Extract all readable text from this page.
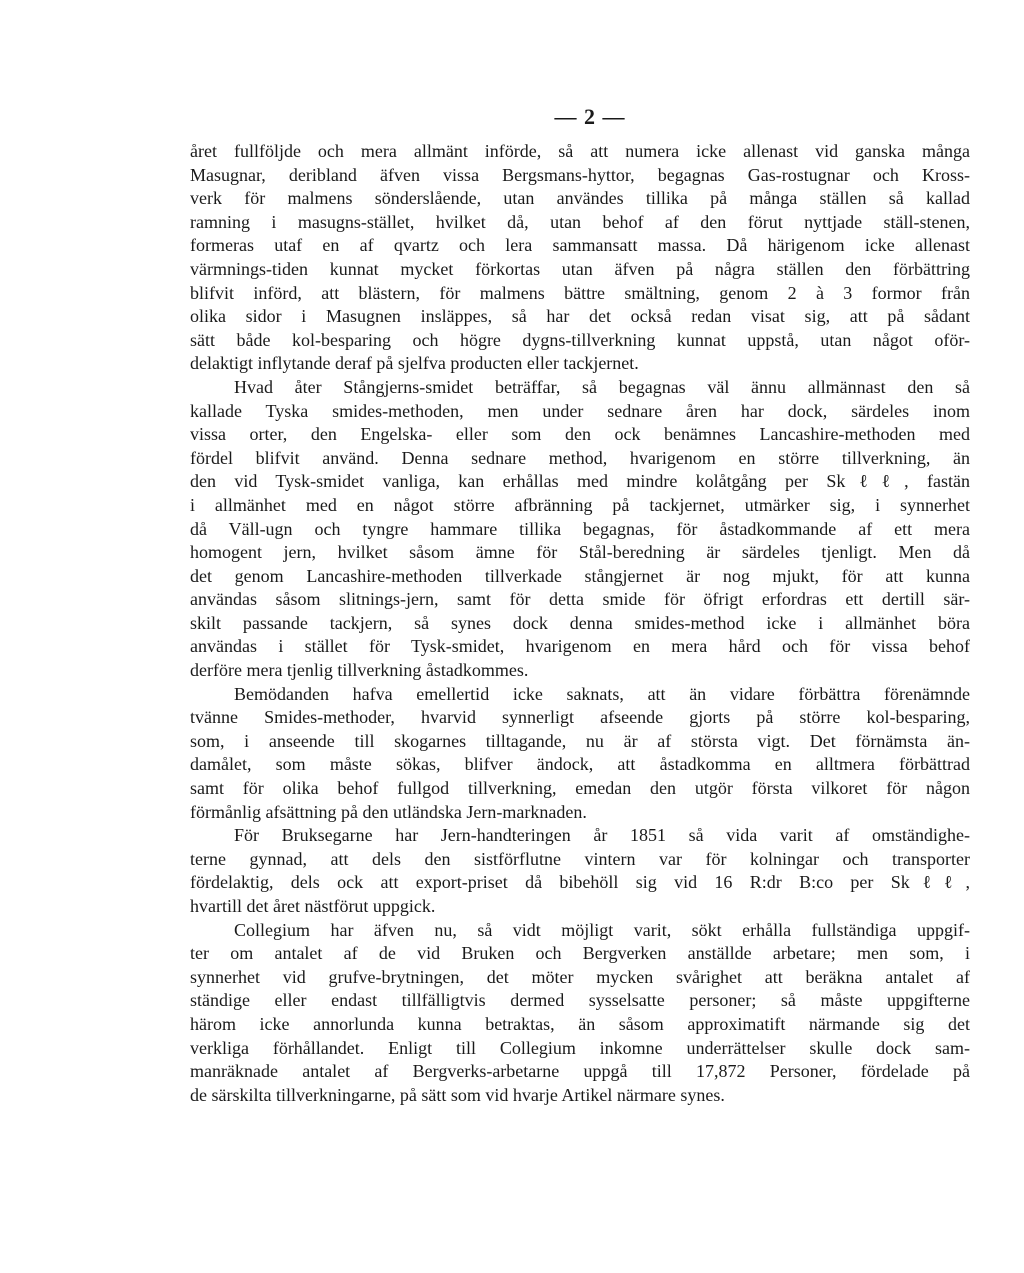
— 2 —
året fullföljde och mera allmänt införde, så att numera icke allenast vid ganska många
Masugnar, deribland äfven vissa Bergsmans-hyttor, begagnas Gas-rostugnar och Kross-
verk för malmens sönderslående, utan användes tillika på många ställen så kallad
ramning i masugns-stället, hvilket då, utan behof af den förut nyttjade ställ-stenen,
formeras utaf en af qvartz och lera sammansatt massa. Då härigenom icke allenast
värmnings-tiden kunnat mycket förkortas utan äfven på några ställen den förbättring
blifvit införd, att blästern, för malmens bättre smältning, genom 2 à 3 formor från
olika sidor i Masugnen insläppes, så har det också redan visat sig, att på sådant
sätt både kol-besparing och högre dygns-tillverkning kunnat uppstå, utan något oför-
delaktigt inflytande deraf på sjelfva producten eller tackjernet.
Hvad åter Stångjerns-smidet beträffar, så begagnas väl ännu allmännast den så
kallade Tyska smides-methoden, men under sednare åren har dock, särdeles inom
vissa orter, den Engelska- eller som den ock benämnes Lancashire-methoden med
fördel blifvit använd. Denna sednare method, hvarigenom en större tillverkning, än
den vid Tysk-smidet vanliga, kan erhållas med mindre kolåtgång per Skℓℓ, fastän
i allmänhet med en något större afbränning på tackjernet, utmärker sig, i synnerhet
då Väll-ugn och tyngre hammare tillika begagnas, för åstadkommande af ett mera
homogent jern, hvilket såsom ämne för Stål-beredning är särdeles tjenligt. Men då
det genom Lancashire-methoden tillverkade stångjernet är nog mjukt, för att kunna
användas såsom slitnings-jern, samt för detta smide för öfrigt erfordras ett dertill sär-
skilt passande tackjern, så synes dock denna smides-method icke i allmänhet böra
användas i stället för Tysk-smidet, hvarigenom en mera hård och för vissa behof
derföre mera tjenlig tillverkning åstadkommes.
Bemödanden hafva emellertid icke saknats, att än vidare förbättra förenämnde
tvänne Smides-methoder, hvarvid synnerligt afseende gjorts på större kol-besparing,
som, i anseende till skogarnes tilltagande, nu är af största vigt. Det förnämsta än-
damålet, som måste sökas, blifver ändock, att åstadkomma en alltmera förbättrad
samt för olika behof fullgod tillverkning, emedan den utgör första vilkoret för någon
förmånlig afsättning på den utländska Jern-marknaden.
För Bruksegarne har Jern-handteringen år 1851 så vida varit af omständighe-
terne gynnad, att dels den sistförflutne vintern var för kolningar och transporter
fördelaktig, dels ock att export-priset då bibehöll sig vid 16 R:dr B:co per Skℓℓ,
hvartill det året nästförut uppgick.
Collegium har äfven nu, så vidt möjligt varit, sökt erhålla fullständiga uppgif-
ter om antalet af de vid Bruken och Bergverken anställde arbetare; men som, i
synnerhet vid grufve-brytningen, det möter mycken svårighet att beräkna antalet af
ständige eller endast tillfälligtvis dermed sysselsatte personer; så måste uppgifterne
härom icke annorlunda kunna betraktas, än såsom approximatift närmande sig det
verkliga förhållandet. Enligt till Collegium inkomne underrättelser skulle dock sam-
manräknade antalet af Bergverks-arbetarne uppgå till 17,872 Personer, fördelade på
de särskilta tillverkningarne, på sätt som vid hvarje Artikel närmare synes.
